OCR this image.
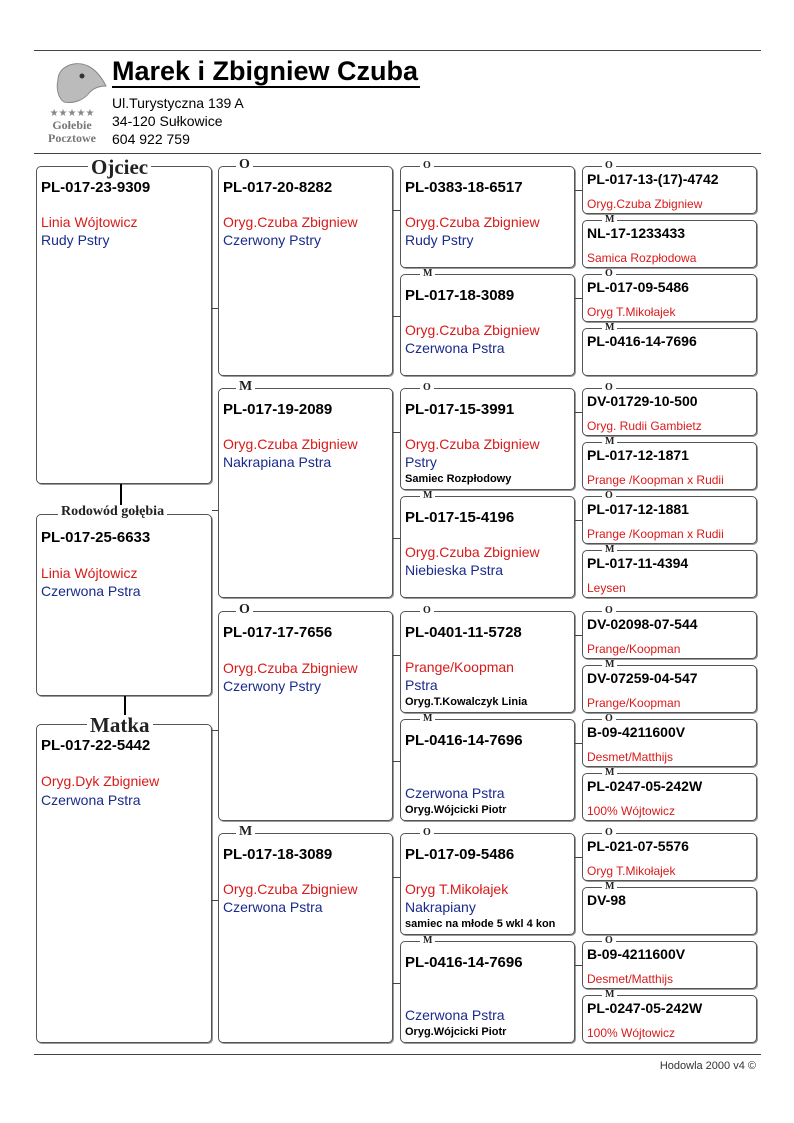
★★★★★
Gołebie
Pocztowe
Marek i Zbigniew Czuba
Ul.Turystyczna 139 A
34-120 Sułkowice
604 922 759
PL-017-23-9309
Linia Wójtowicz
Rudy Pstry
Ojciec
PL-017-25-6633
Linia Wójtowicz
Czerwona Pstra
Rodowód gołębia
PL-017-22-5442
Oryg.Dyk Zbigniew
Czerwona Pstra
Matka
PL-017-20-8282
Oryg.Czuba Zbigniew
Czerwony Pstry
O
PL-017-19-2089
Oryg.Czuba Zbigniew
Nakrapiana Pstra
M
PL-017-17-7656
Oryg.Czuba Zbigniew
Czerwony Pstry
O
PL-017-18-3089
Oryg.Czuba Zbigniew
Czerwona Pstra
M
PL-0383-18-6517
Oryg.Czuba Zbigniew
Rudy Pstry
O
PL-017-18-3089
Oryg.Czuba Zbigniew
Czerwona Pstra
M
PL-017-15-3991
Oryg.Czuba Zbigniew
Pstry
Samiec Rozpłodowy
O
PL-017-15-4196
Oryg.Czuba Zbigniew
Niebieska Pstra
M
PL-0401-11-5728
Prange/Koopman
Pstra
Oryg.T.Kowalczyk Linia
O
PL-0416-14-7696
Czerwona Pstra
Oryg.Wójcicki Piotr
M
PL-017-09-5486
Oryg T.Mikołajek
Nakrapiany
samiec na młode 5 wkl 4 kon
O
PL-0416-14-7696
Czerwona Pstra
Oryg.Wójcicki Piotr
M
PL-017-13-(17)-4742
Oryg.Czuba Zbigniew
O
NL-17-1233433
Samica Rozpłodowa
M
PL-017-09-5486
Oryg T.Mikołajek
O
PL-0416-14-7696
M
DV-01729-10-500
Oryg. Rudii Gambietz
O
PL-017-12-1871
Prange /Koopman x Rudii
M
PL-017-12-1881
Prange /Koopman x Rudii
O
PL-017-11-4394
Leysen
M
DV-02098-07-544
Prange/Koopman
O
DV-07259-04-547
Prange/Koopman
M
B-09-4211600V
Desmet/Matthijs
O
PL-0247-05-242W
100% Wójtowicz
M
PL-021-07-5576
Oryg T.Mikołajek
O
DV-98
M
B-09-4211600V
Desmet/Matthijs
O
PL-0247-05-242W
100% Wójtowicz
M
Hodowla 2000 v4 ©
